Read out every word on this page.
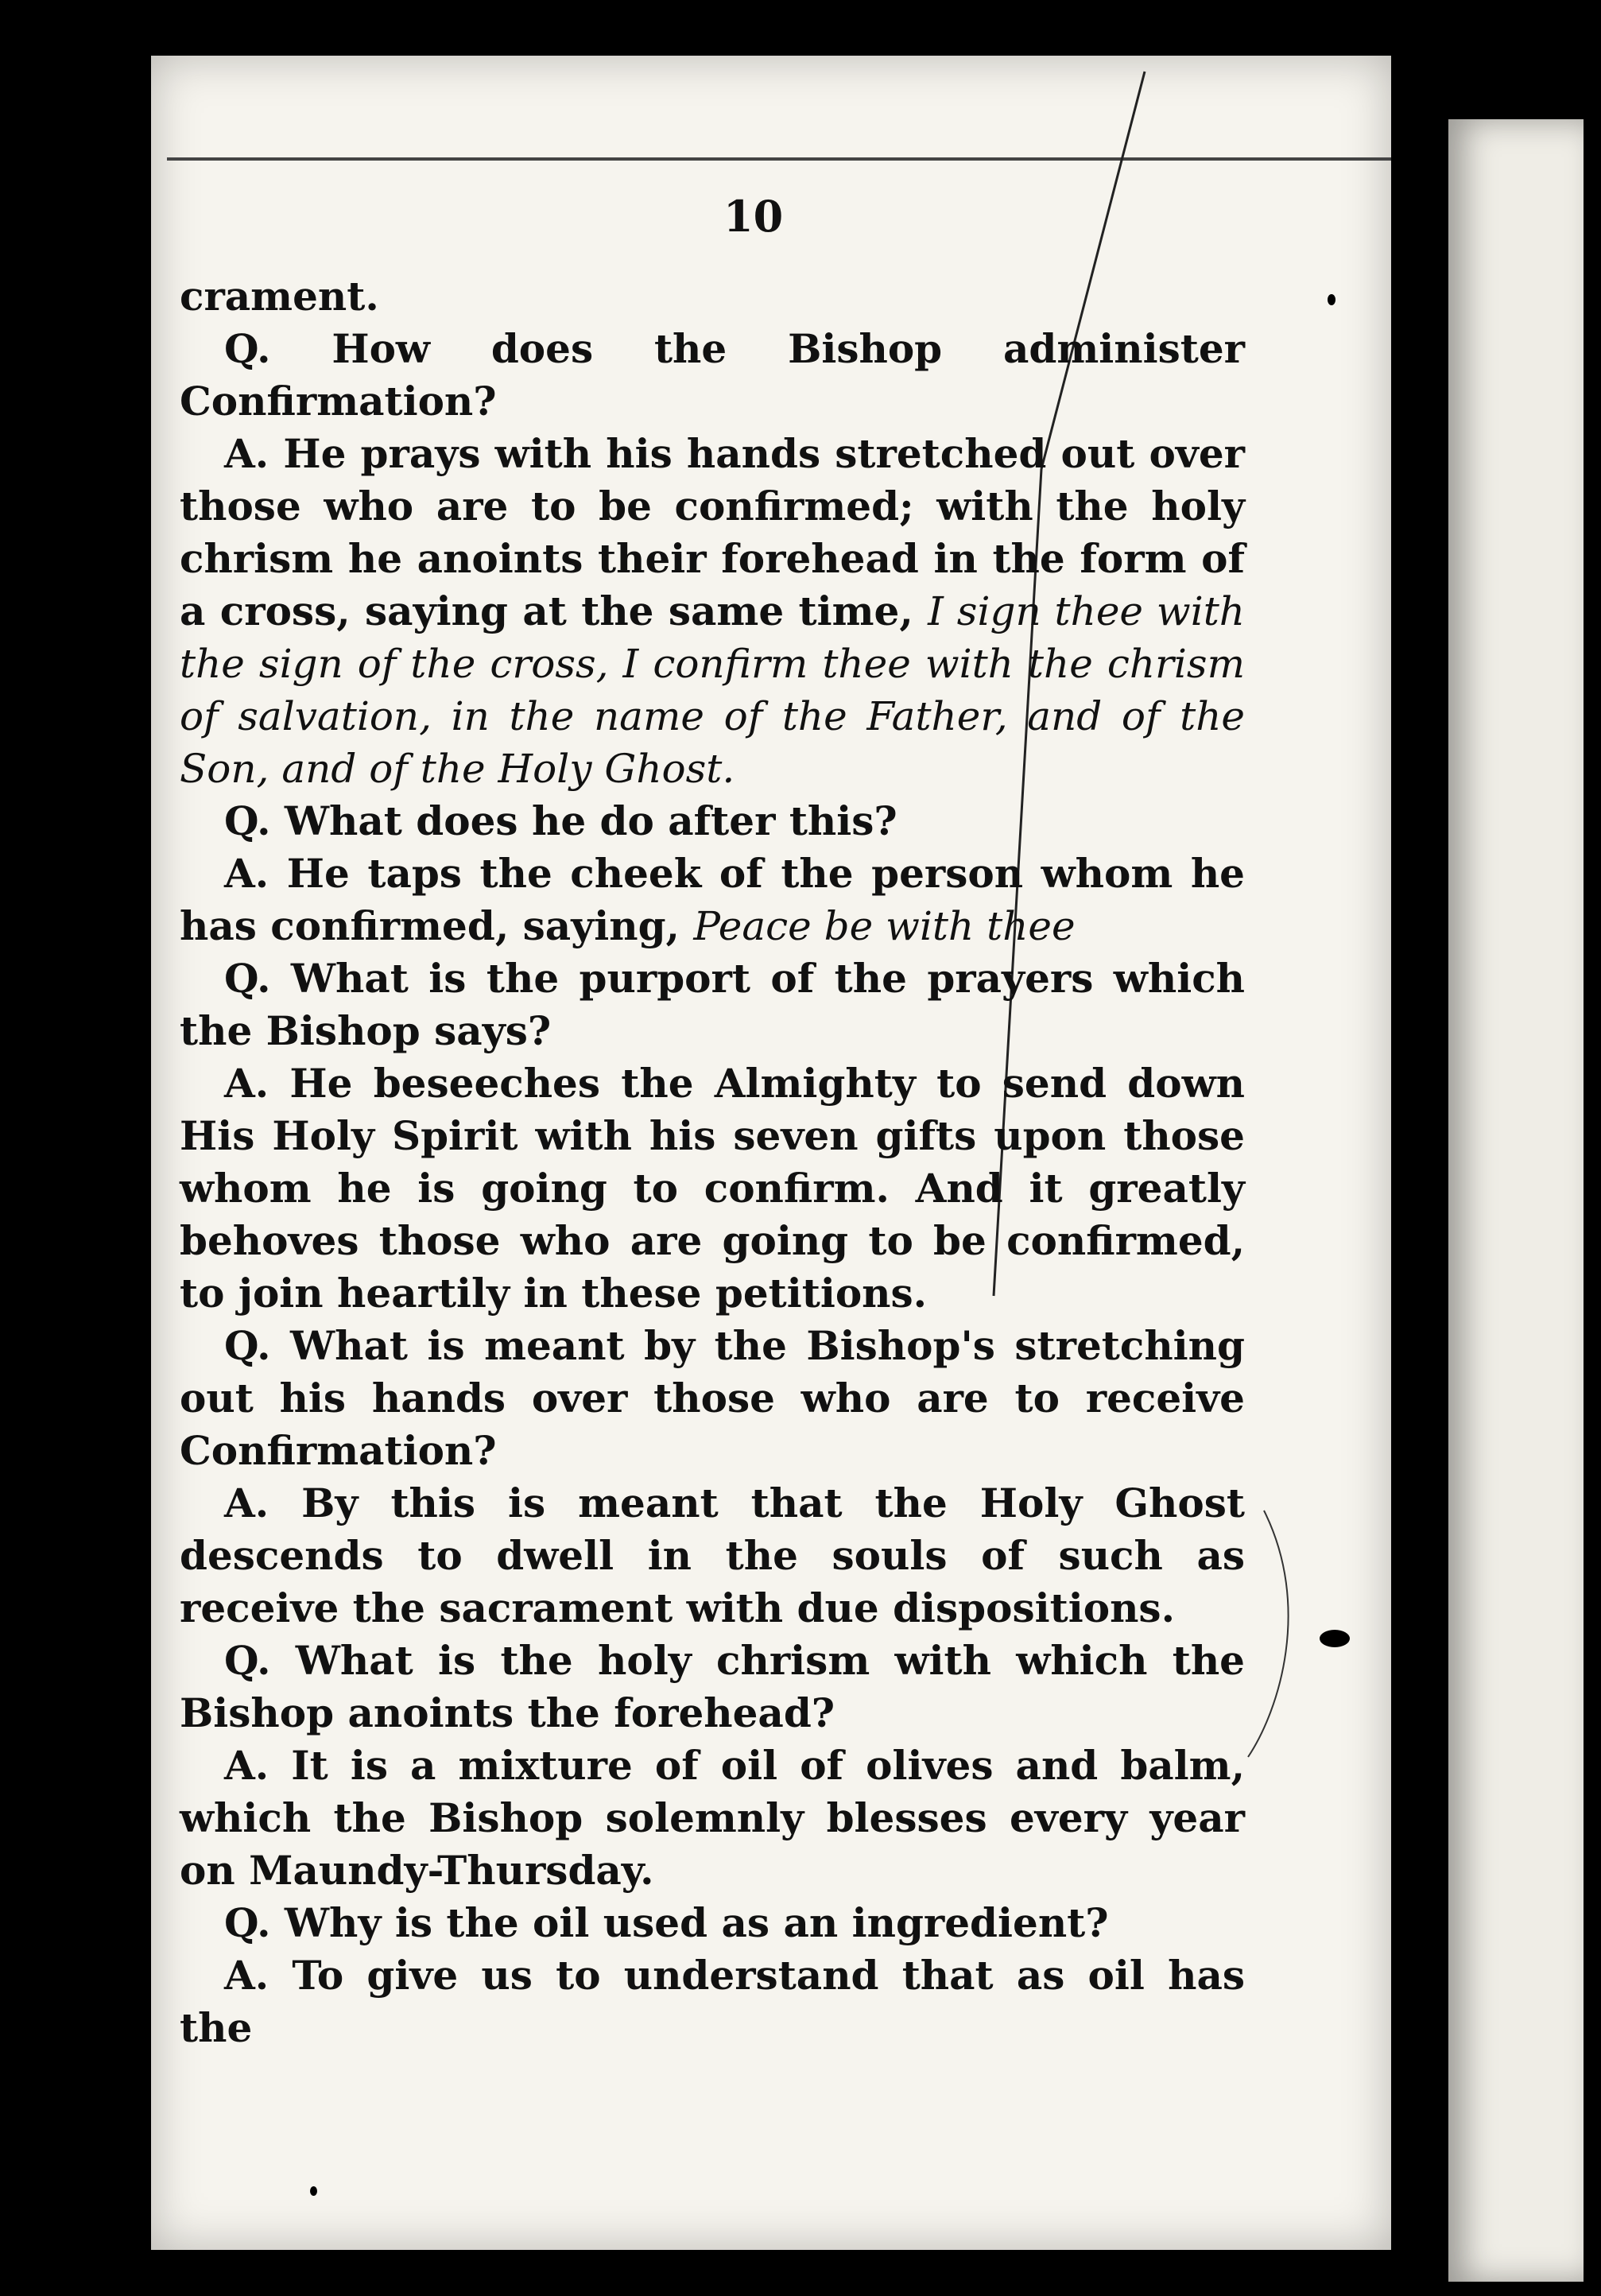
10

crament.

Q. How does the Bishop administer Confirmation?

A. He prays with his hands stretched out over those who are to be confirmed; with the holy chrism he anoints their forehead in the form of a cross, saying at the same time, I sign thee with the sign of the cross, I confirm thee with the chrism of salvation, in the name of the Father, and of the Son, and of the Holy Ghost.

Q. What does he do after this?

A. He taps the cheek of the person whom he has confirmed, saying, Peace be with thee

Q. What is the purport of the prayers which the Bishop says?

A. He beseeches the Almighty to send down His Holy Spirit with his seven gifts upon those whom he is going to confirm. And it greatly behoves those who are going to be confirmed, to join heartily in these petitions.

Q. What is meant by the Bishop's stretching out his hands over those who are to receive Confirmation?

A. By this is meant that the Holy Ghost descends to dwell in the souls of such as receive the sacrament with due dispositions.

Q. What is the holy chrism with which the Bishop anoints the forehead?

A. It is a mixture of oil of olives and balm, which the Bishop solemnly blesses every year on Maundy-Thursday.

Q. Why is the oil used as an ingredient?

A. To give us to understand that as oil has the
